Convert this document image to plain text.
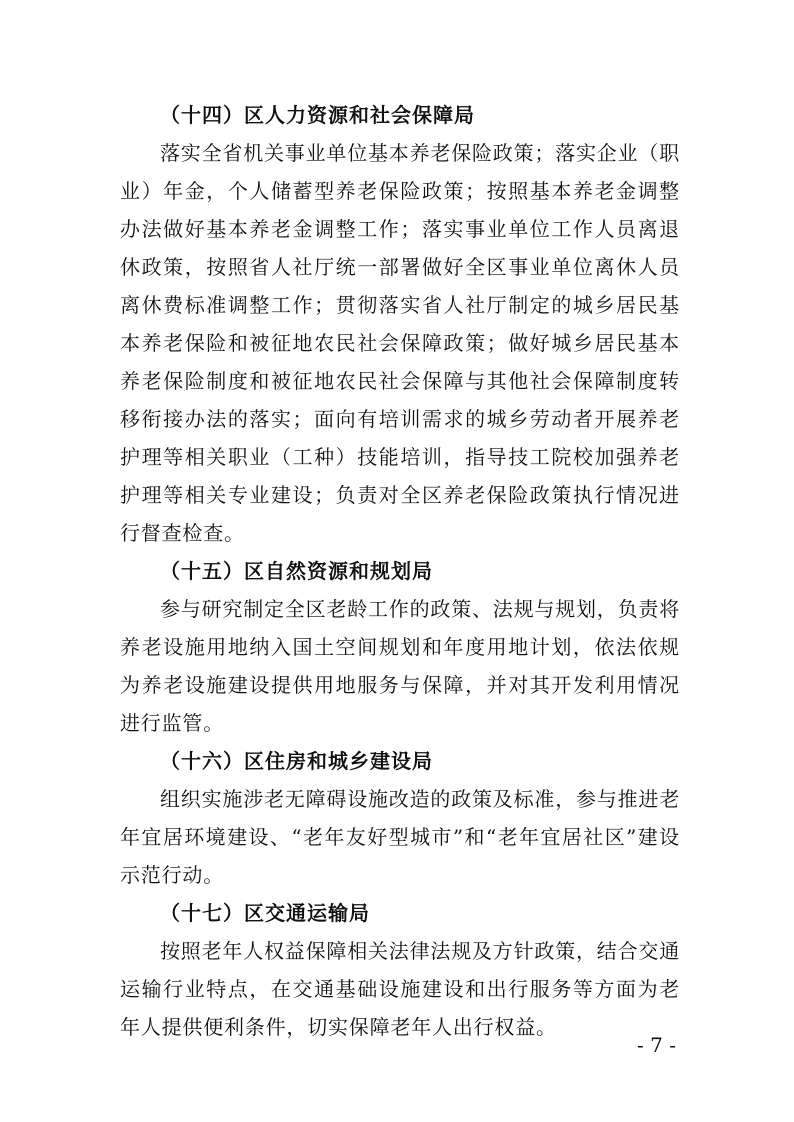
（十四）区人力资源和社会保障局

落实全省机关事业单位基本养老保险政策；落实企业（职业）年金，个人储蓄型养老保险政策；按照基本养老金调整办法做好基本养老金调整工作；落实事业单位工作人员离退休政策，按照省人社厅统一部署做好全区事业单位离休人员离休费标准调整工作；贯彻落实省人社厅制定的城乡居民基本养老保险和被征地农民社会保障政策；做好城乡居民基本养老保险制度和被征地农民社会保障与其他社会保障制度转移衔接办法的落实；面向有培训需求的城乡劳动者开展养老护理等相关职业（工种）技能培训，指导技工院校加强养老护理等相关专业建设；负责对全区养老保险政策执行情况进行督查检查。

（十五）区自然资源和规划局

参与研究制定全区老龄工作的政策、法规与规划，负责将养老设施用地纳入国土空间规划和年度用地计划，依法依规为养老设施建设提供用地服务与保障，并对其开发利用情况进行监管。

（十六）区住房和城乡建设局

组织实施涉老无障碍设施改造的政策及标准，参与推进老年宜居环境建设、“老年友好型城市”和“老年宜居社区”建设示范行动。

（十七）区交通运输局

按照老年人权益保障相关法律法规及方针政策，结合交通运输行业特点，在交通基础设施建设和出行服务等方面为老年人提供便利条件，切实保障老年人出行权益。

- 7 -
